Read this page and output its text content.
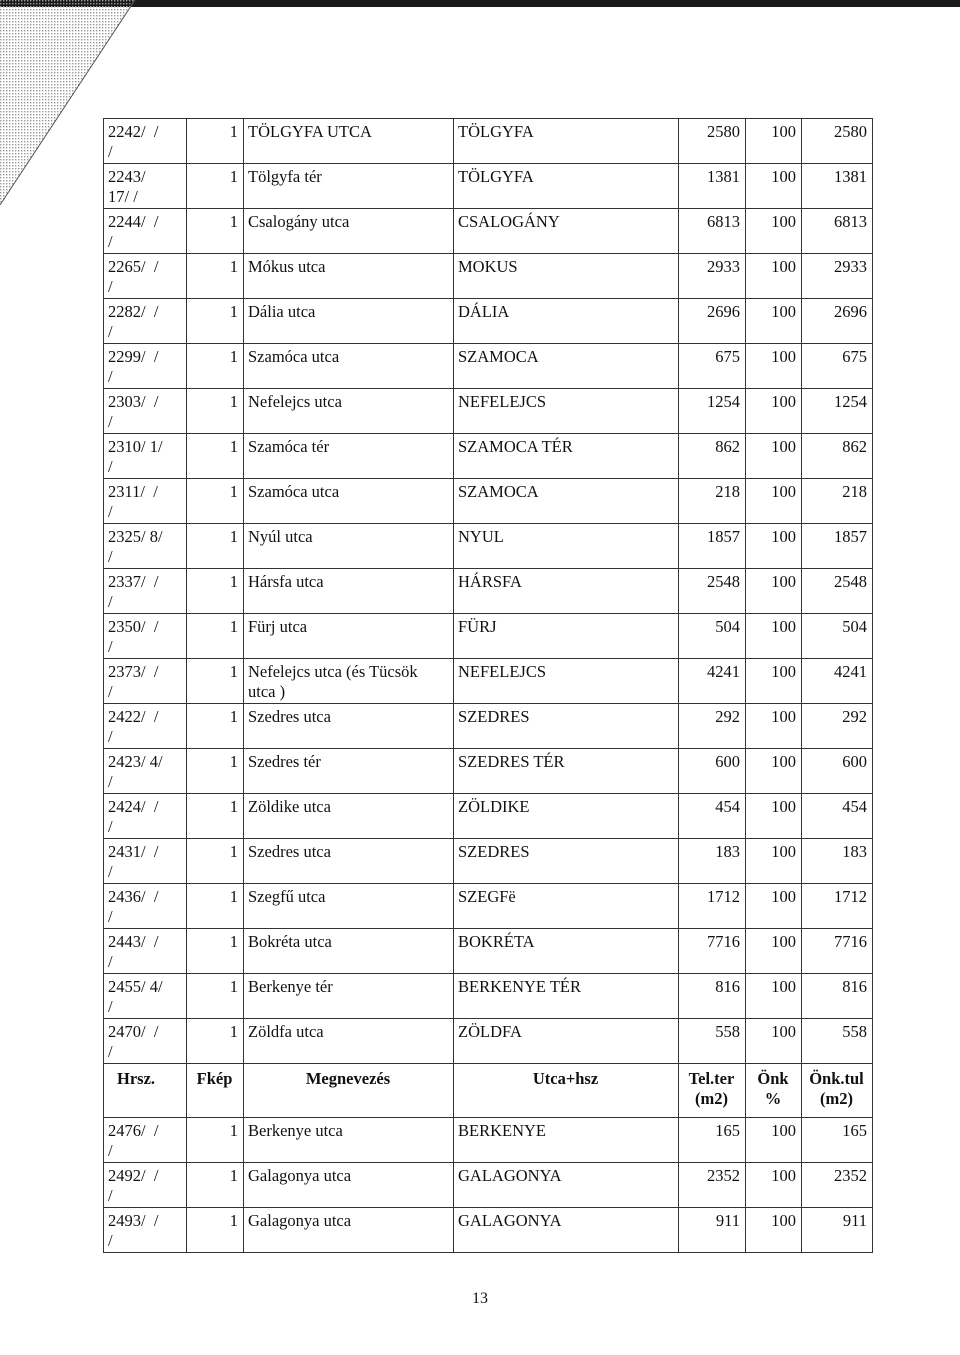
2242/  /
/	1	TÖLGYFA UTCA	TÖLGYFA	2580	100	2580
2243/
17/ /	1	Tölgyfa tér	TÖLGYFA	1381	100	1381
2244/  /
/	1	Csalogány utca	CSALOGÁNY	6813	100	6813
2265/  /
/	1	Mókus utca	MOKUS	2933	100	2933
2282/  /
/	1	Dália utca	DÁLIA	2696	100	2696
2299/  /
/	1	Szamóca utca	SZAMOCA	675	100	675
2303/  /
/	1	Nefelejcs utca	NEFELEJCS	1254	100	1254
2310/ 1/
/	1	Szamóca tér	SZAMOCA TÉR	862	100	862
2311/  /
/	1	Szamóca utca	SZAMOCA	218	100	218
2325/ 8/
/	1	Nyúl utca	NYUL	1857	100	1857
2337/  /
/	1	Hársfa utca	HÁRSFA	2548	100	2548
2350/  /
/	1	Fürj utca	FÜRJ	504	100	504
2373/  /
/	1	Nefelejcs utca (és Tücsök utca )	NEFELEJCS	4241	100	4241
2422/  /
/	1	Szedres utca	SZEDRES	292	100	292
2423/ 4/
/	1	Szedres tér	SZEDRES TÉR	600	100	600
2424/  /
/	1	Zöldike utca	ZÖLDIKE	454	100	454
2431/  /
/	1	Szedres utca	SZEDRES	183	100	183
2436/  /
/	1	Szegfű utca	SZEGFë	1712	100	1712
2443/  /
/	1	Bokréta utca	BOKRÉTA	7716	100	7716
2455/ 4/
/	1	Berkenye tér	BERKENYE TÉR	816	100	816
2470/  /
/	1	Zöldfa utca	ZÖLDFA	558	100	558
Hrsz.	Fkép	Megnevezés	Utca+hsz	Tel.ter (m2)	Önk %	Önk.tul (m2)
2476/  /
/	1	Berkenye utca	BERKENYE	165	100	165
2492/  /
/	1	Galagonya utca	GALAGONYA	2352	100	2352
2493/  /
/	1	Galagonya utca	GALAGONYA	911	100	911
13
